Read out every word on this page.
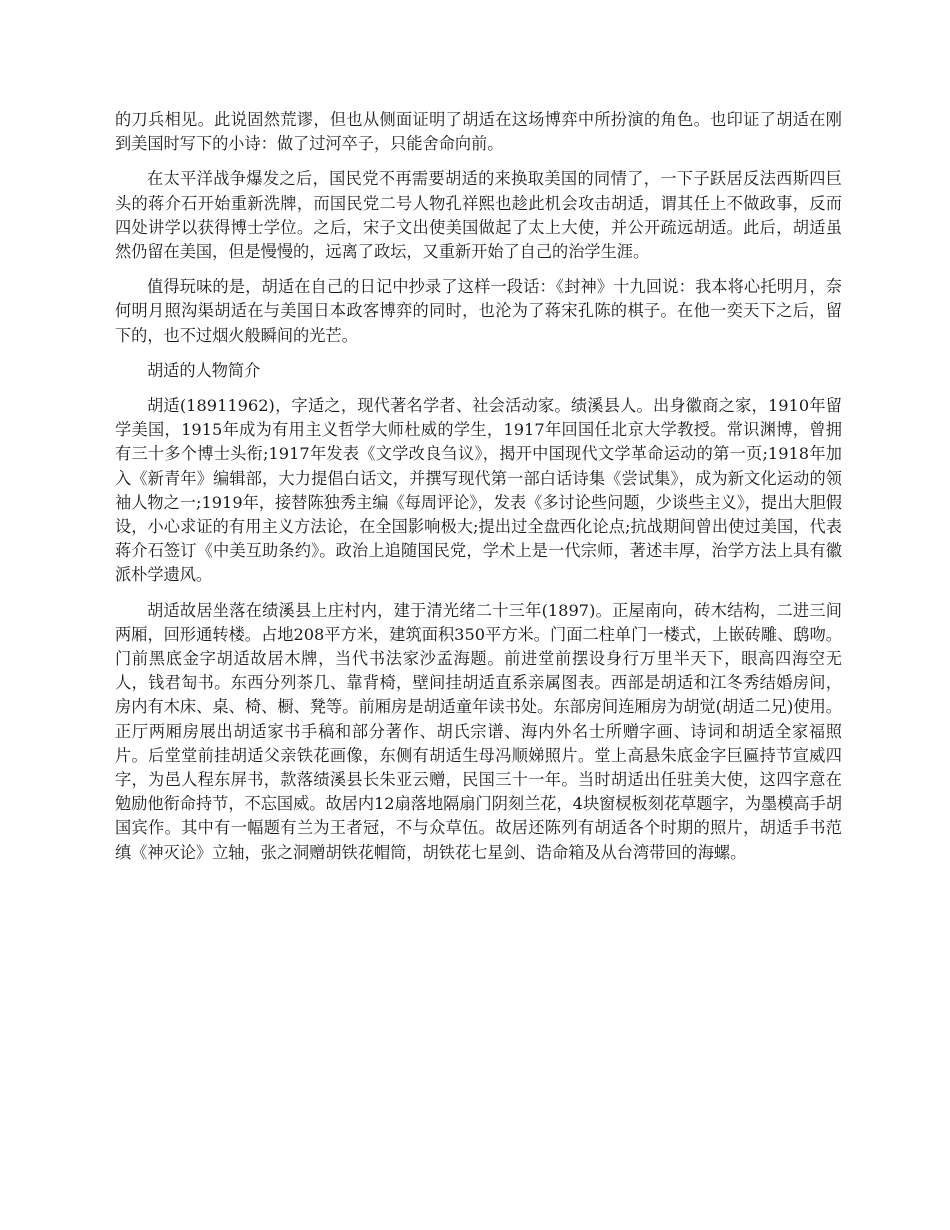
的刀兵相见。此说固然荒谬，但也从侧面证明了胡适在这场博弈中所扮演的角色。也印证了胡适在刚到美国时写下的小诗：做了过河卒子，只能舍命向前。

在太平洋战争爆发之后，国民党不再需要胡适的来换取美国的同情了，一下子跃居反法西斯四巨头的蒋介石开始重新洗牌，而国民党二号人物孔祥熙也趁此机会攻击胡适，谓其任上不做政事，反而四处讲学以获得博士学位。之后，宋子文出使美国做起了太上大使，并公开疏远胡适。此后，胡适虽然仍留在美国，但是慢慢的，远离了政坛，又重新开始了自己的治学生涯。

值得玩味的是，胡适在自己的日记中抄录了这样一段话：《封神》十九回说：我本将心托明月，奈何明月照沟渠胡适在与美国日本政客博弈的同时，也沦为了蒋宋孔陈的棋子。在他一奕天下之后，留下的，也不过烟火般瞬间的光芒。

胡适的人物简介

胡适(18911962)，字适之，现代著名学者、社会活动家。绩溪县人。出身徽商之家，1910年留学美国，1915年成为有用主义哲学大师杜威的学生，1917年回国任北京大学教授。常识渊博，曾拥有三十多个博士头衔;1917年发表《文学改良刍议》，揭开中国现代文学革命运动的第一页;1918年加入《新青年》编辑部，大力提倡白话文，并撰写现代第一部白话诗集《尝试集》，成为新文化运动的领袖人物之一;1919年，接替陈独秀主编《每周评论》，发表《多讨论些问题，少谈些主义》，提出大胆假设，小心求证的有用主义方法论，在全国影响极大;提出过全盘西化论点;抗战期间曾出使过美国，代表蒋介石签订《中美互助条约》。政治上追随国民党，学术上是一代宗师，著述丰厚，治学方法上具有徽派朴学遗风。

胡适故居坐落在绩溪县上庄村内，建于清光绪二十三年(1897)。正屋南向，砖木结构，二进三间两厢，回形通转楼。占地208平方米，建筑面积350平方米。门面二柱单门一楼式，上嵌砖雕、鸱吻。门前黑底金字胡适故居木牌，当代书法家沙孟海题。前进堂前摆设身行万里半天下，眼高四海空无人，钱君匋书。东西分列茶几、靠背椅，壁间挂胡适直系亲属图表。西部是胡适和江冬秀结婚房间，房内有木床、桌、椅、橱、凳等。前厢房是胡适童年读书处。东部房间连厢房为胡觉(胡适二兄)使用。正厅两厢房展出胡适家书手稿和部分著作、胡氏宗谱、海内外名士所赠字画、诗词和胡适全家福照片。后堂堂前挂胡适父亲铁花画像，东侧有胡适生母冯顺娣照片。堂上高悬朱底金字巨匾持节宣威四字，为邑人程东屏书，款落绩溪县长朱亚云赠，民国三十一年。当时胡适出任驻美大使，这四字意在勉励他衔命持节，不忘国威。故居内12扇落地隔扇门阴刻兰花，4块窗棂板刻花草题字，为墨模高手胡国宾作。其中有一幅题有兰为王者冠，不与众草伍。故居还陈列有胡适各个时期的照片，胡适手书范缜《神灭论》立轴，张之洞赠胡铁花帽筒，胡铁花七星剑、诰命箱及从台湾带回的海螺。
